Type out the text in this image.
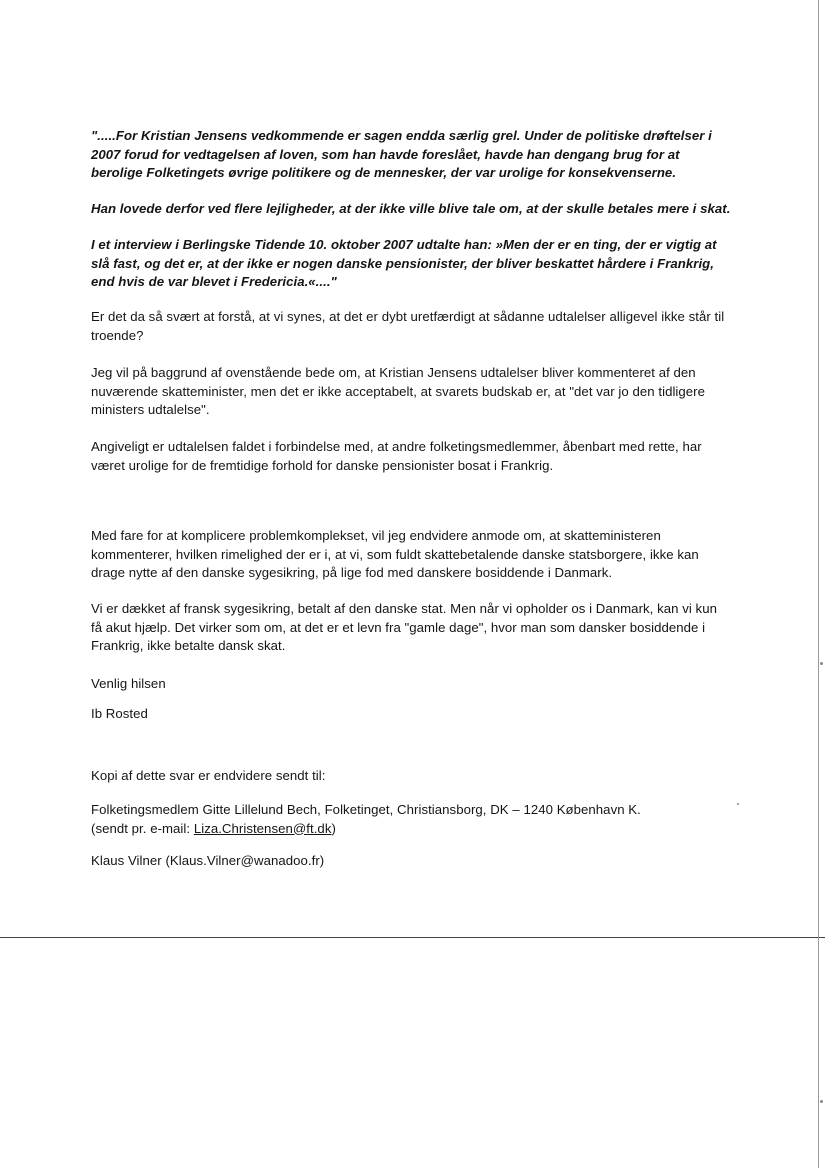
".....For Kristian Jensens vedkommende er sagen endda særlig grel. Under de politiske drøftelser i 2007 forud for vedtagelsen af loven, som han havde foreslået, havde han dengang brug for at berolige Folketingets øvrige politikere og de mennesker, der var urolige for konsekvenserne.

Han lovede derfor ved flere lejligheder, at der ikke ville blive tale om, at der skulle betales mere i skat.

I et interview i Berlingske Tidende 10. oktober 2007 udtalte han: »Men der er en ting, der er vigtig at slå fast, og det er, at der ikke er nogen danske pensionister, der bliver beskattet hårdere i Frankrig, end hvis de var blevet i Fredericia.«...."

Er det da så svært at forstå, at vi synes, at det er dybt uretfærdigt at sådanne udtalelser alligevel ikke står til troende?

Jeg vil på baggrund af ovenstående bede om, at Kristian Jensens udtalelser bliver kommenteret af den nuværende skatteminister, men det er ikke acceptabelt, at svarets budskab er, at "det var jo den tidligere ministers udtalelse".

Angiveligt er udtalelsen faldet i forbindelse med, at andre folketingsmedlemmer, åbenbart med rette, har været urolige for de fremtidige forhold for danske pensionister bosat i Frankrig.

Med fare for at komplicere problemkomplekset, vil jeg endvidere anmode om, at skatteministeren kommenterer, hvilken rimelighed der er i, at vi, som fuldt skattebetalende danske statsborgere, ikke kan drage nytte af den danske sygesikring, på lige fod med danskere bosiddende i Danmark.

Vi er dækket af fransk sygesikring, betalt af den danske stat. Men når vi opholder os i Danmark, kan vi kun få akut hjælp. Det virker som om, at det er et levn fra "gamle dage", hvor man som dansker bosiddende i Frankrig, ikke betalte dansk skat.

Venlig hilsen

Ib Rosted

Kopi af dette svar er endvidere sendt til:

Folketingsmedlem Gitte Lillelund Bech, Folketinget, Christiansborg, DK – 1240 København K.
(sendt pr. e-mail: Liza.Christensen@ft.dk)

Klaus Vilner (Klaus.Vilner@wanadoo.fr)
